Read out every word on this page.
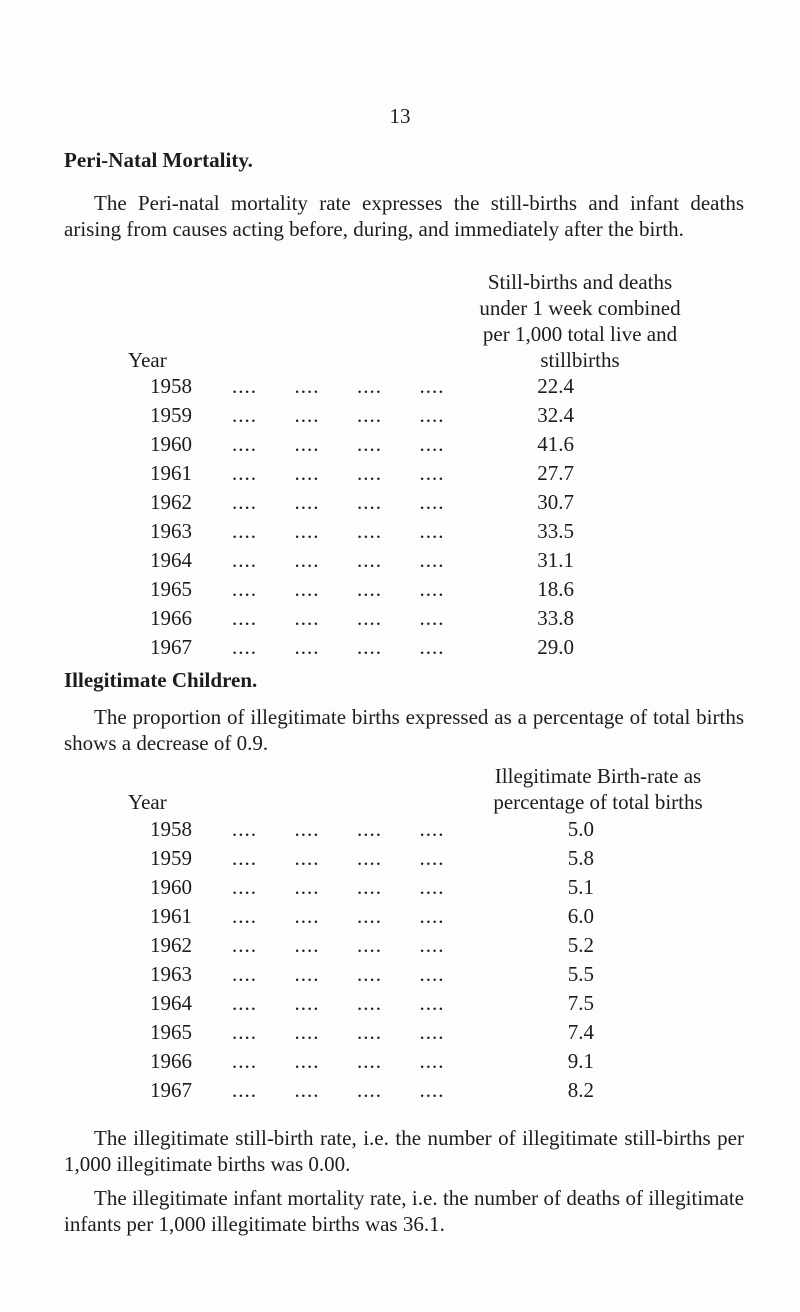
13
Peri-Natal Mortality.

The Peri-natal mortality rate expresses the still-births and infant deaths arising from causes acting before, during, and immediately after the birth.

Still-births and deaths
under 1 week combined
per 1,000 total live and
stillbirths
Year
1958 ....      ....      ....      ....	22.4
1959 ....      ....      ....      ....	32.4
1960 ....      ....      ....      ....	41.6
1961 ....      ....      ....      ....	27.7
1962 ....      ....      ....      ....	30.7
1963 ....      ....      ....      ....	33.5
1964 ....      ....      ....      ....	31.1
1965 ....      ....      ....      ....	18.6
1966 ....      ....      ....      ....	33.8
1967 ....      ....      ....      ....	29.0
Illegitimate Children.

The proportion of illegitimate births expressed as a percentage of total births shows a decrease of 0.9.

Illegitimate Birth-rate as
percentage of total births
Year
1958 ....      ....      ....      ....	5.0
1959 ....      ....      ....      ....	5.8
1960 ....      ....      ....      ....	5.1
1961 ....      ....      ....      ....	6.0
1962 ....      ....      ....      ....	5.2
1963 ....      ....      ....      ....	5.5
1964 ....      ....      ....      ....	7.5
1965 ....      ....      ....      ....	7.4
1966 ....      ....      ....      ....	9.1
1967 ....      ....      ....      ....	8.2

The illegitimate still-birth rate, i.e. the number of illegitimate still-births per 1,000 illegitimate births was 0.00.

The illegitimate infant mortality rate, i.e. the number of deaths of illegitimate infants per 1,000 illegitimate births was 36.1.
